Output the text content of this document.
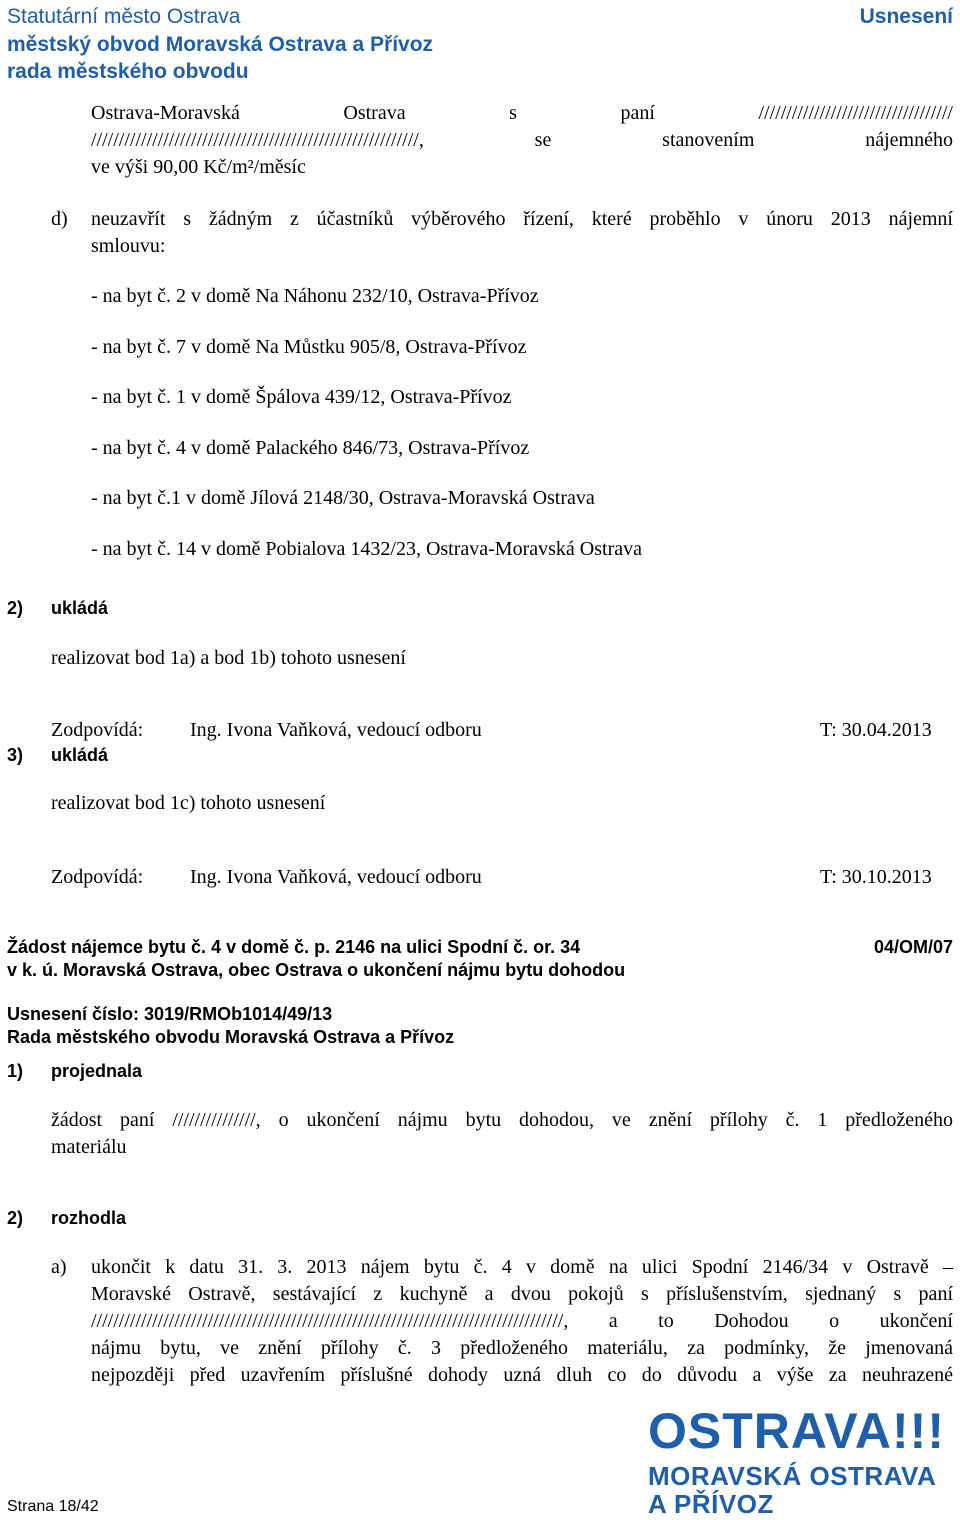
Statutární město Ostrava
městský obvod Moravská Ostrava a Přívoz
rada městského obvodu
Usnesení
Ostrava-Moravská	Ostrava	s	paní	///////////////////////////////////
///////////////////////////////////////////////////////////,	se	stanovením	nájemného
ve výši 90,00 Kč/m²/měsíc
d) neuzavřít s žádným z účastníků výběrového řízení, které proběhlo v únoru 2013 nájemní
smlouvu:
- na byt č. 2 v domě Na Náhonu 232/10, Ostrava-Přívoz
- na byt č. 7 v domě Na Můstku 905/8, Ostrava-Přívoz
- na byt č. 1 v domě Špálova 439/12, Ostrava-Přívoz
- na byt č. 4 v domě Palackého 846/73, Ostrava-Přívoz
- na byt č.1 v domě Jílová 2148/30, Ostrava-Moravská Ostrava
- na byt č. 14 v domě Pobialova 1432/23, Ostrava-Moravská Ostrava
2) ukládá
realizovat bod 1a) a bod 1b) tohoto usnesení
Zodpovídá: Ing. Ivona Vaňková, vedoucí odboru	T: 30.04.2013
3) ukládá
realizovat bod 1c) tohoto usnesení
Zodpovídá: Ing. Ivona Vaňková, vedoucí odboru	T: 30.10.2013
Žádost nájemce bytu č. 4 v domě č. p. 2146 na ulici Spodní č. or. 34
v k. ú. Moravská Ostrava, obec Ostrava o ukončení nájmu bytu dohodou
04/OM/07
Usnesení číslo: 3019/RMOb1014/49/13
Rada městského obvodu Moravská Ostrava a Přívoz
1) projednala
žádost paní ///////////////, o ukončení nájmu bytu dohodou, ve znění přílohy č. 1 předloženého
materiálu
2) rozhodla
a) ukončit k datu 31. 3. 2013 nájem bytu č. 4 v domě na ulici Spodní 2146/34 v Ostravě –
Moravské Ostravě, sestávající z kuchyně a dvou pokojů s příslušenstvím, sjednaný s paní
/////////////////////////////////////////////////////////////////////////////////////, a to Dohodou o ukončení
nájmu bytu, ve znění přílohy č. 3 předloženého materiálu, za podmínky, že jmenovaná
nejpozději před uzavřením příslušné dohody uzná dluh co do důvodu a výše za neuhrazené
OSTRAVA!!!
MORAVSKÁ OSTRAVA
A PŘÍVOZ
Strana 18/42
